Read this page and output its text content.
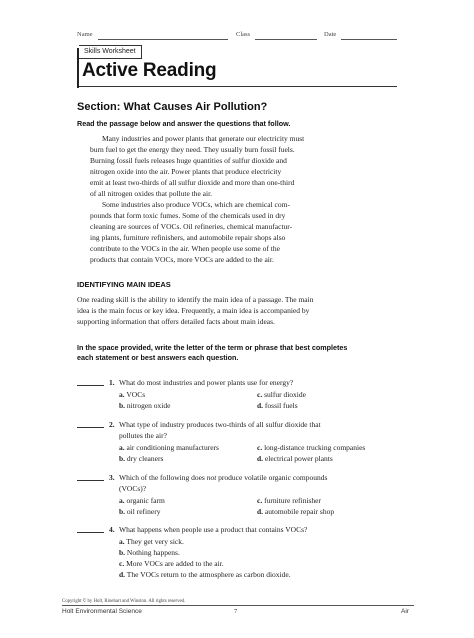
Name	Class	Date
Skills Worksheet
Active Reading
Section: What Causes Air Pollution?
Read the passage below and answer the questions that follow.
Many industries and power plants that generate our electricity must
burn fuel to get the energy they need. They usually burn fossil fuels.
Burning fossil fuels releases huge quantities of sulfur dioxide and
nitrogen oxide into the air. Power plants that produce electricity
emit at least two-thirds of all sulfur dioxide and more than one-third
of all nitrogen oxides that pollute the air.
Some industries also produce VOCs, which are chemical com-
pounds that form toxic fumes. Some of the chemicals used in dry
cleaning are sources of VOCs. Oil refineries, chemical manufactur-
ing plants, furniture refinishers, and automobile repair shops also
contribute to the VOCs in the air. When people use some of the
products that contain VOCs, more VOCs are added to the air.
IDENTIFYING MAIN IDEAS
One reading skill is the ability to identify the main idea of a passage. The main
idea is the main focus or key idea. Frequently, a main idea is accompanied by
supporting information that offers detailed facts about main ideas.
In the space provided, write the letter of the term or phrase that best completes
each statement or best answers each question.
1. What do most industries and power plants use for energy?
a. VOCs	c. sulfur dioxide
b. nitrogen oxide	d. fossil fuels
2. What type of industry produces two-thirds of all sulfur dioxide that
pollutes the air?
a. air conditioning manufacturers	c. long-distance trucking companies
b. dry cleaners	d. electrical power plants
3. Which of the following does not produce volatile organic compounds
(VOCs)?
a. organic farm	c. furniture refinisher
b. oil refinery	d. automobile repair shop
4. What happens when people use a product that contains VOCs?
a. They get very sick.
b. Nothing happens.
c. More VOCs are added to the air.
d. The VOCs return to the atmosphere as carbon dioxide.
Copyright © by Holt, Rinehart and Winston. All rights reserved.
Holt Environmental Science	7	Air
